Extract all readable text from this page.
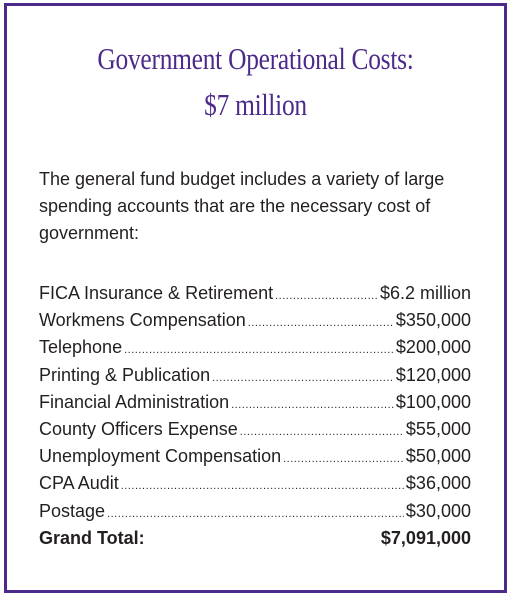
Government Operational Costs:
$7 million
The general fund budget includes a variety of large spending accounts that are the necessary cost of government:
FICA Insurance & Retirement .....	$6.2 million
Workmens Compensation .....	$350,000
Telephone .....	$200,000
Printing & Publication .....	$120,000
Financial Administration .....	$100,000
County Officers Expense .....	$55,000
Unemployment Compensation .....	$50,000
CPA Audit .....	$36,000
Postage .....	$30,000
Grand Total:	$7,091,000
